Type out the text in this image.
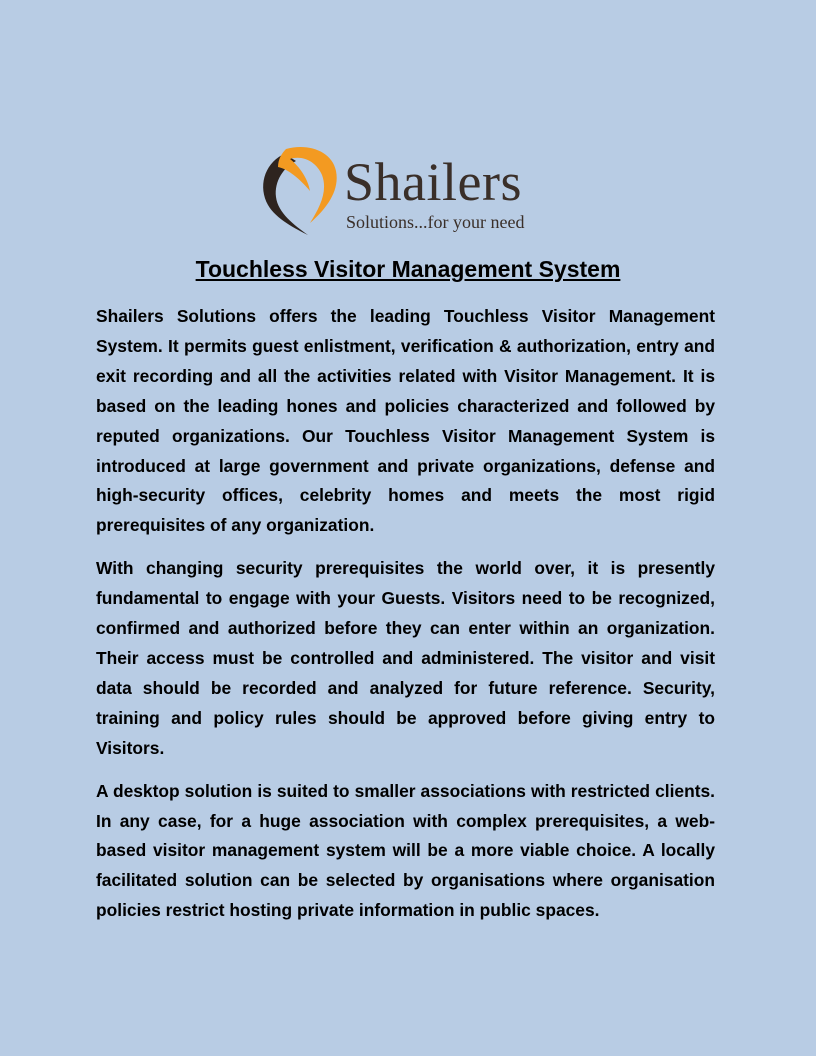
Shailers
Solutions...for your need
Touchless Visitor Management System

Shailers Solutions offers the leading Touchless Visitor Management System. It permits guest enlistment, verification & authorization, entry and exit recording and all the activities related with Visitor Management. It is based on the leading hones and policies characterized and followed by reputed organizations. Our Touchless Visitor Management System is introduced at large government and private organizations, defense and high-security offices, celebrity homes and meets the most rigid prerequisites of any organization.

With changing security prerequisites the world over, it is presently fundamental to engage with your Guests. Visitors need to be recognized, confirmed and authorized before they can enter within an organization. Their access must be controlled and administered. The visitor and visit data should be recorded and analyzed for future reference. Security, training and policy rules should be approved before giving entry to Visitors.

A desktop solution is suited to smaller associations with restricted clients. In any case, for a huge association with complex prerequisites, a web-based visitor management system will be a more viable choice. A locally facilitated solution can be selected by organisations where organisation policies restrict hosting private information in public spaces.
